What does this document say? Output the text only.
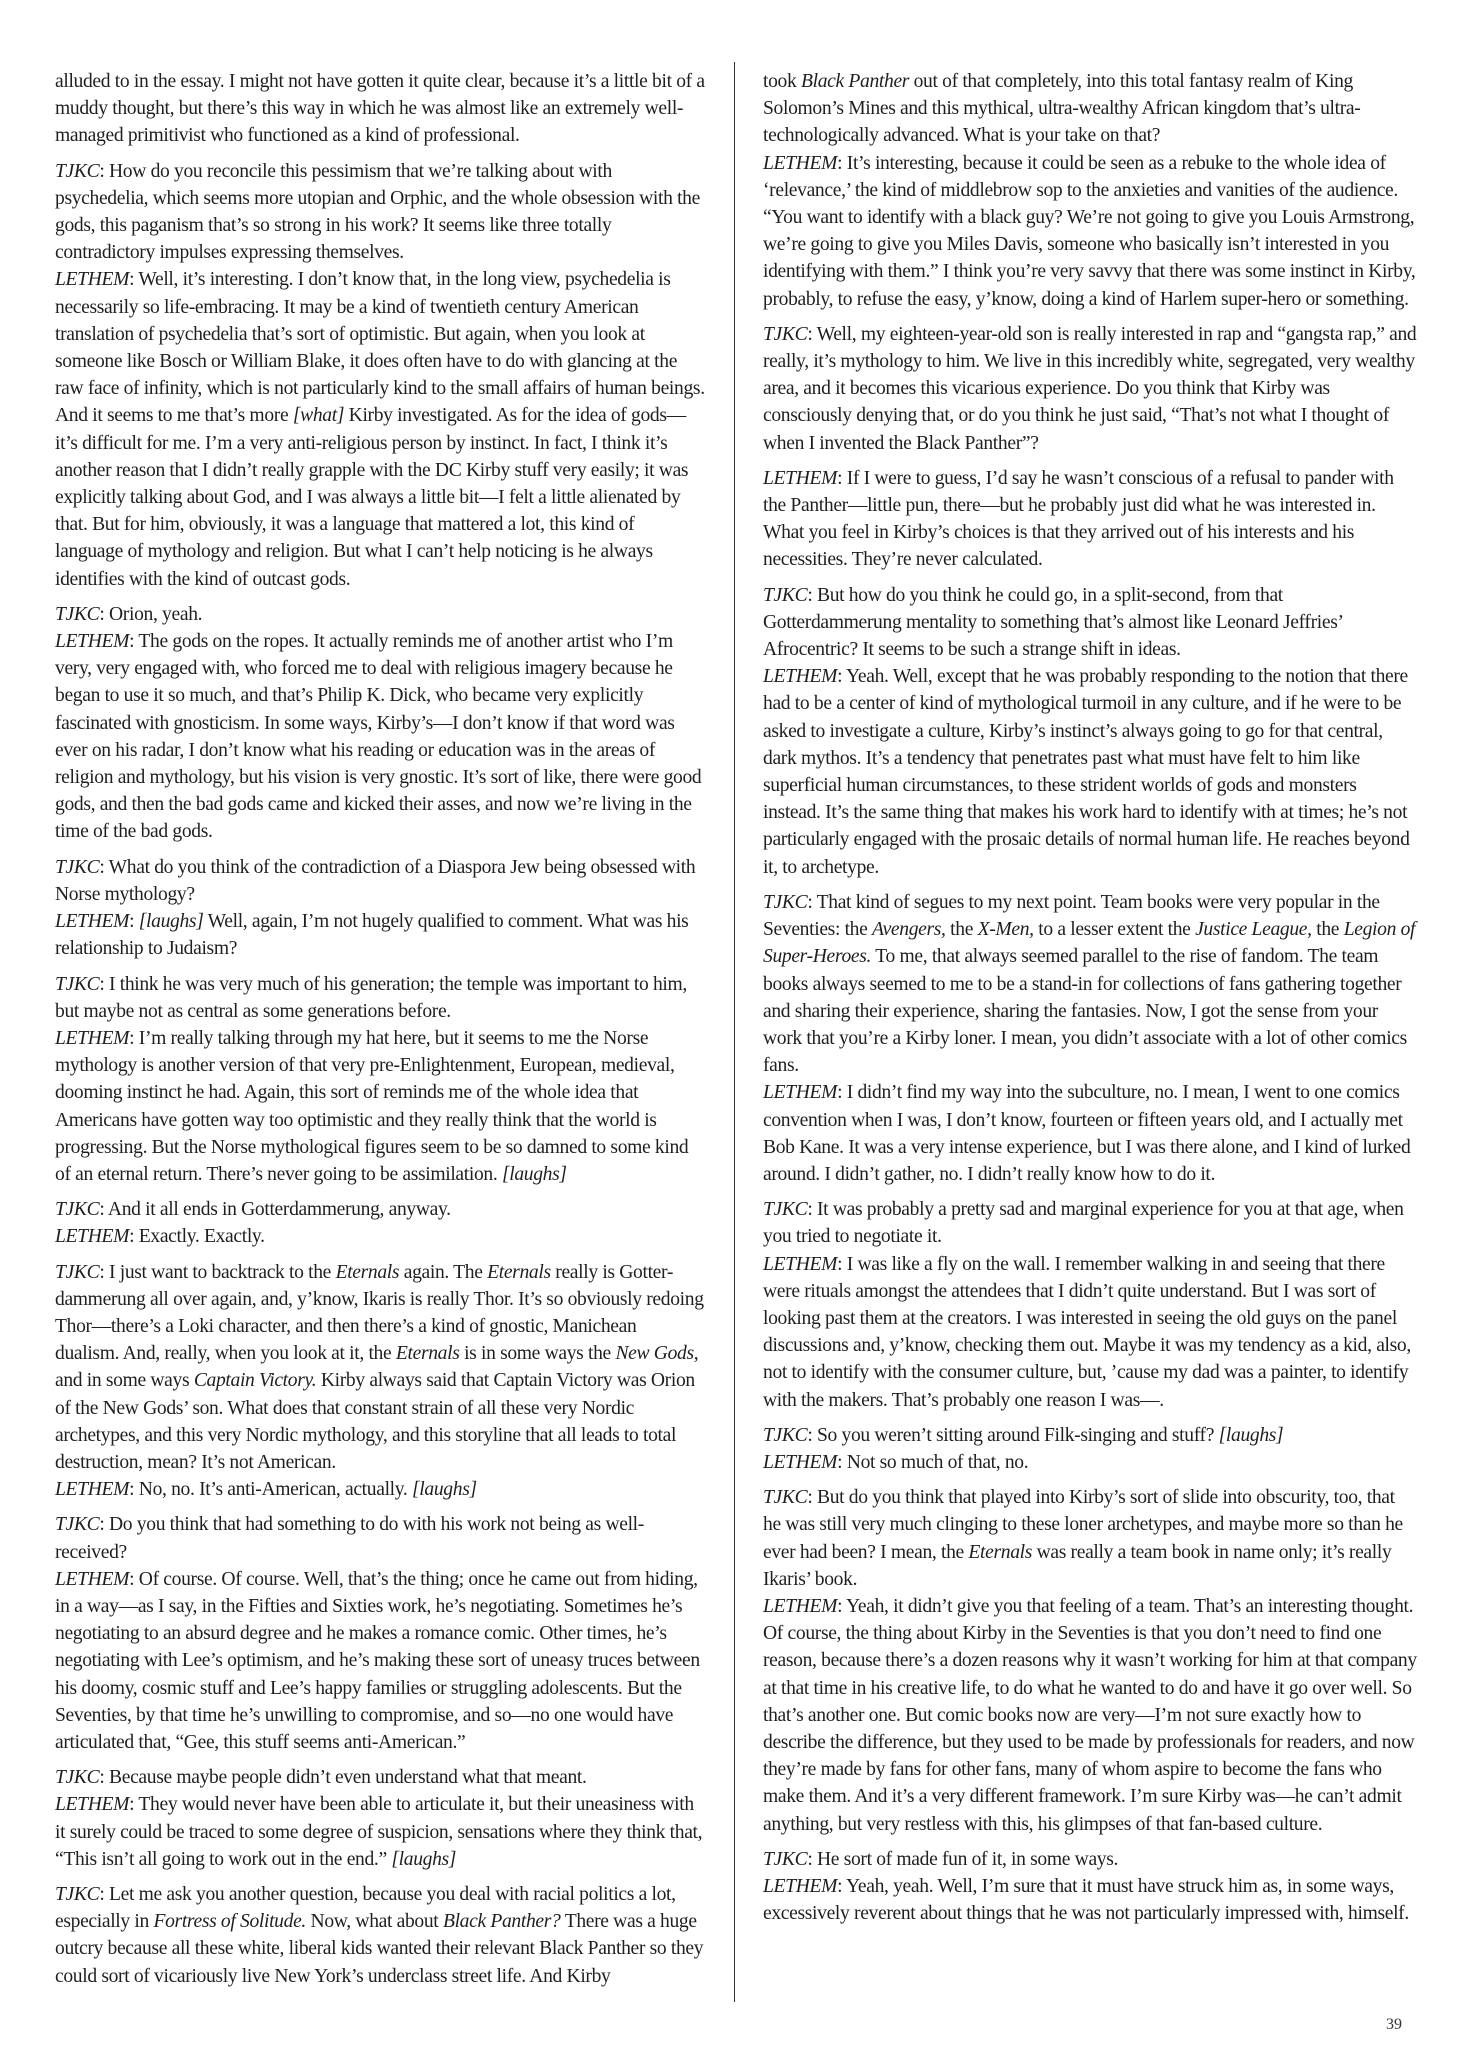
alluded to in the essay. I might not have gotten it quite clear, because it’s a little bit of a muddy thought, but there’s this way in which he was almost like an extremely well-managed primitivist who functioned as a kind of professional.

TJKC: How do you reconcile this pessimism that we’re talking about with psychedelia, which seems more utopian and Orphic, and the whole obsession with the gods, this paganism that’s so strong in his work? It seems like three totally contradictory impulses expressing themselves.

LETHEM: Well, it’s interesting. I don’t know that, in the long view, psychedelia is necessarily so life-embracing. It may be a kind of twentieth century American translation of psychedelia that’s sort of optimistic. But again, when you look at someone like Bosch or William Blake, it does often have to do with glancing at the raw face of infinity, which is not particularly kind to the small affairs of human beings. And it seems to me that’s more [what] Kirby investigated. As for the idea of gods—it’s difficult for me. I’m a very anti-religious person by instinct. In fact, I think it’s another reason that I didn’t really grapple with the DC Kirby stuff very easily; it was explicitly talking about God, and I was always a little bit—I felt a little alienated by that. But for him, obviously, it was a language that mattered a lot, this kind of language of mythology and religion. But what I can’t help noticing is he always identifies with the kind of outcast gods.

TJKC: Orion, yeah.

LETHEM: The gods on the ropes. It actually reminds me of another artist who I’m very, very engaged with, who forced me to deal with religious imagery because he began to use it so much, and that’s Philip K. Dick, who became very explicitly fascinated with gnosticism. In some ways, Kirby’s—I don’t know if that word was ever on his radar, I don’t know what his reading or education was in the areas of religion and mythology, but his vision is very gnostic. It’s sort of like, there were good gods, and then the bad gods came and kicked their asses, and now we’re living in the time of the bad gods.

TJKC: What do you think of the contradiction of a Diaspora Jew being obsessed with Norse mythology?

LETHEM: [laughs] Well, again, I’m not hugely qualified to comment. What was his relationship to Judaism?

TJKC: I think he was very much of his generation; the temple was important to him, but maybe not as central as some generations before.

LETHEM: I’m really talking through my hat here, but it seems to me the Norse mythology is another version of that very pre-Enlightenment, European, medieval, dooming instinct he had. Again, this sort of reminds me of the whole idea that Americans have gotten way too optimistic and they really think that the world is progressing. But the Norse mythological figures seem to be so damned to some kind of an eternal return. There’s never going to be assimilation. [laughs]

TJKC: And it all ends in Gotterdammerung, anyway.

LETHEM: Exactly. Exactly.

TJKC: I just want to backtrack to the Eternals again. The Eternals really is Gotter-dammerung all over again, and, y’know, Ikaris is really Thor. It’s so obviously redoing Thor—there’s a Loki character, and then there’s a kind of gnostic, Manichean dualism. And, really, when you look at it, the Eternals is in some ways the New Gods, and in some ways Captain Victory. Kirby always said that Captain Victory was Orion of the New Gods’ son. What does that constant strain of all these very Nordic archetypes, and this very Nordic mythology, and this storyline that all leads to total destruction, mean? It’s not American.

LETHEM: No, no. It’s anti-American, actually. [laughs]

TJKC: Do you think that had something to do with his work not being as well-received?

LETHEM: Of course. Of course. Well, that’s the thing; once he came out from hiding, in a way—as I say, in the Fifties and Sixties work, he’s negotiating. Sometimes he’s negotiating to an absurd degree and he makes a romance comic. Other times, he’s negotiating with Lee’s optimism, and he’s making these sort of uneasy truces between his doomy, cosmic stuff and Lee’s happy families or struggling adolescents. But the Seventies, by that time he’s unwilling to compromise, and so—no one would have articulated that, “Gee, this stuff seems anti-American.”

TJKC: Because maybe people didn’t even understand what that meant.

LETHEM: They would never have been able to articulate it, but their uneasiness with it surely could be traced to some degree of suspicion, sensations where they think that, “This isn’t all going to work out in the end.” [laughs]

TJKC: Let me ask you another question, because you deal with racial politics a lot, especially in Fortress of Solitude. Now, what about Black Panther? There was a huge outcry because all these white, liberal kids wanted their relevant Black Panther so they could sort of vicariously live New York’s underclass street life. And Kirby

took Black Panther out of that completely, into this total fantasy realm of King Solomon’s Mines and this mythical, ultra-wealthy African kingdom that’s ultra-technologically advanced. What is your take on that?

LETHEM: It’s interesting, because it could be seen as a rebuke to the whole idea of ‘relevance,’ the kind of middlebrow sop to the anxieties and vanities of the audience. “You want to identify with a black guy? We’re not going to give you Louis Armstrong, we’re going to give you Miles Davis, someone who basically isn’t interested in you identifying with them.” I think you’re very savvy that there was some instinct in Kirby, probably, to refuse the easy, y’know, doing a kind of Harlem super-hero or something.

TJKC: Well, my eighteen-year-old son is really interested in rap and “gangsta rap,” and really, it’s mythology to him. We live in this incredibly white, segregated, very wealthy area, and it becomes this vicarious experience. Do you think that Kirby was consciously denying that, or do you think he just said, “That’s not what I thought of when I invented the Black Panther”?

LETHEM: If I were to guess, I’d say he wasn’t conscious of a refusal to pander with the Panther—little pun, there—but he probably just did what he was interested in. What you feel in Kirby’s choices is that they arrived out of his interests and his necessities. They’re never calculated.

TJKC: But how do you think he could go, in a split-second, from that Gotterdammerung mentality to something that’s almost like Leonard Jeffries’ Afrocentric? It seems to be such a strange shift in ideas.

LETHEM: Yeah. Well, except that he was probably responding to the notion that there had to be a center of kind of mythological turmoil in any culture, and if he were to be asked to investigate a culture, Kirby’s instinct’s always going to go for that central, dark mythos. It’s a tendency that penetrates past what must have felt to him like superficial human circumstances, to these strident worlds of gods and monsters instead. It’s the same thing that makes his work hard to identify with at times; he’s not particularly engaged with the prosaic details of normal human life. He reaches beyond it, to archetype.

TJKC: That kind of segues to my next point. Team books were very popular in the Seventies: the Avengers, the X-Men, to a lesser extent the Justice League, the Legion of Super-Heroes. To me, that always seemed parallel to the rise of fandom. The team books always seemed to me to be a stand-in for collections of fans gathering together and sharing their experience, sharing the fantasies. Now, I got the sense from your work that you’re a Kirby loner. I mean, you didn’t associate with a lot of other comics fans.

LETHEM: I didn’t find my way into the subculture, no. I mean, I went to one comics convention when I was, I don’t know, fourteen or fifteen years old, and I actually met Bob Kane. It was a very intense experience, but I was there alone, and I kind of lurked around. I didn’t gather, no. I didn’t really know how to do it.

TJKC: It was probably a pretty sad and marginal experience for you at that age, when you tried to negotiate it.

LETHEM: I was like a fly on the wall. I remember walking in and seeing that there were rituals amongst the attendees that I didn’t quite understand. But I was sort of looking past them at the creators. I was interested in seeing the old guys on the panel discussions and, y’know, checking them out. Maybe it was my tendency as a kid, also, not to identify with the consumer culture, but, ’cause my dad was a painter, to identify with the makers. That’s probably one reason I was—.

TJKC: So you weren’t sitting around Filk-singing and stuff? [laughs]

LETHEM: Not so much of that, no.

TJKC: But do you think that played into Kirby’s sort of slide into obscurity, too, that he was still very much clinging to these loner archetypes, and maybe more so than he ever had been? I mean, the Eternals was really a team book in name only; it’s really Ikaris’ book.

LETHEM: Yeah, it didn’t give you that feeling of a team. That’s an interesting thought. Of course, the thing about Kirby in the Seventies is that you don’t need to find one reason, because there’s a dozen reasons why it wasn’t working for him at that company at that time in his creative life, to do what he wanted to do and have it go over well. So that’s another one. But comic books now are very—I’m not sure exactly how to describe the difference, but they used to be made by professionals for readers, and now they’re made by fans for other fans, many of whom aspire to become the fans who make them. And it’s a very different framework. I’m sure Kirby was—he can’t admit anything, but very restless with this, his glimpses of that fan-based culture.

TJKC: He sort of made fun of it, in some ways.

LETHEM: Yeah, yeah. Well, I’m sure that it must have struck him as, in some ways, excessively reverent about things that he was not particularly impressed with, himself.

39
